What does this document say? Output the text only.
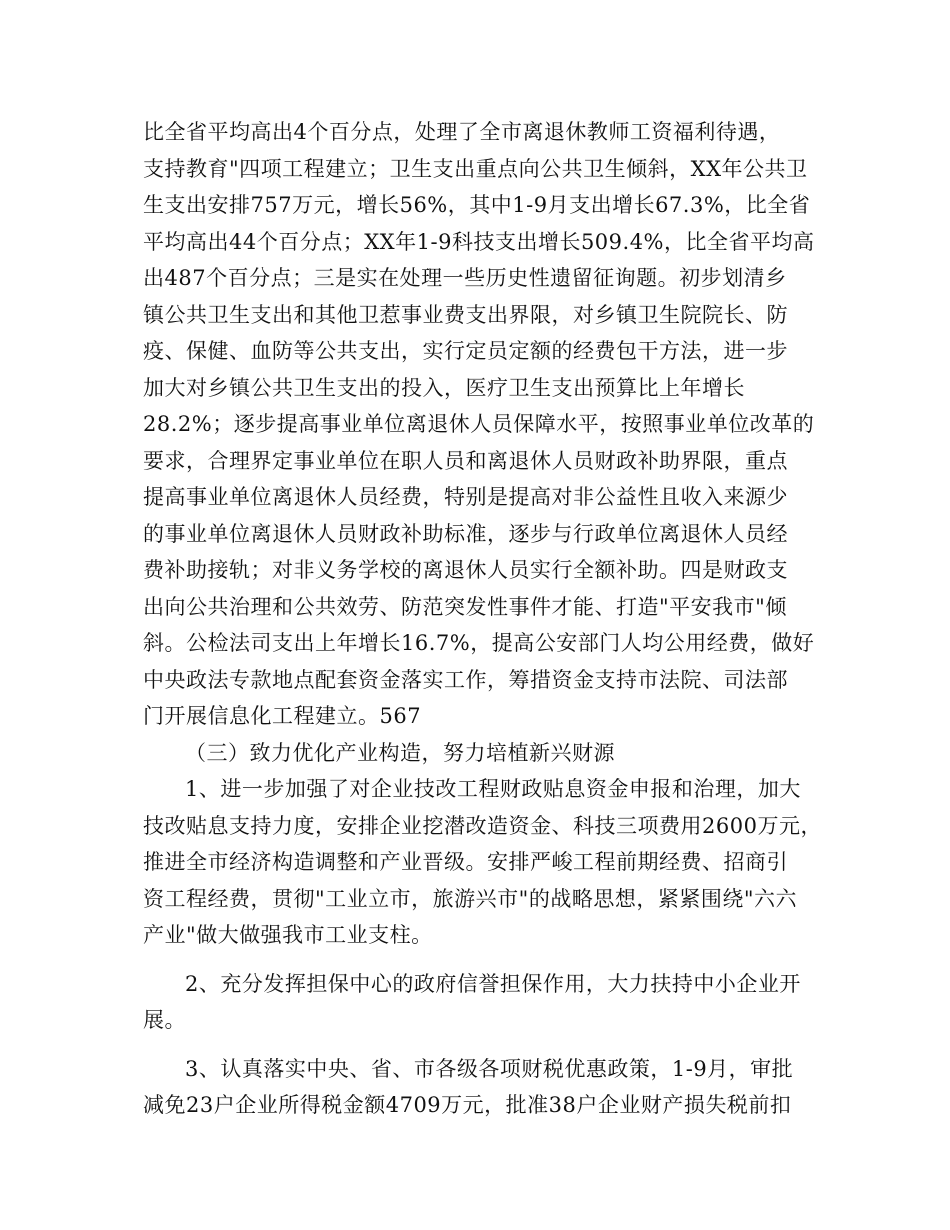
比全省平均高出4个百分点，处理了全市离退休教师工资福利待遇，
支持教育"四项工程建立；卫生支出重点向公共卫生倾斜，XX年公共卫
生支出安排757万元，增长56%，其中1-9月支出增长67.3%，比全省
平均高出44个百分点；XX年1-9科技支出增长509.4%，比全省平均高
出487个百分点；三是实在处理一些历史性遗留征询题。初步划清乡
镇公共卫生支出和其他卫惹事业费支出界限，对乡镇卫生院院长、防
疫、保健、血防等公共支出，实行定员定额的经费包干方法，进一步
加大对乡镇公共卫生支出的投入，医疗卫生支出预算比上年增长
28.2%；逐步提高事业单位离退休人员保障水平，按照事业单位改革的
要求，合理界定事业单位在职人员和离退休人员财政补助界限，重点
提高事业单位离退休人员经费，特别是提高对非公益性且收入来源少
的事业单位离退休人员财政补助标准，逐步与行政单位离退休人员经
费补助接轨；对非义务学校的离退休人员实行全额补助。四是财政支
出向公共治理和公共效劳、防范突发性事件才能、打造"平安我市"倾
斜。公检法司支出上年增长16.7%，提高公安部门人均公用经费，做好
中央政法专款地点配套资金落实工作，筹措资金支持市法院、司法部
门开展信息化工程建立。567
（三）致力优化产业构造，努力培植新兴财源
1、进一步加强了对企业技改工程财政贴息资金申报和治理，加大
技改贴息支持力度，安排企业挖潜改造资金、科技三项费用2600万元，
推进全市经济构造调整和产业晋级。安排严峻工程前期经费、招商引
资工程经费，贯彻"工业立市，旅游兴市"的战略思想，紧紧围绕"六六
产业"做大做强我市工业支柱。
2、充分发挥担保中心的政府信誉担保作用，大力扶持中小企业开
展。
3、认真落实中央、省、市各级各项财税优惠政策，1-9月，审批
减免23户企业所得税金额4709万元，批准38户企业财产损失税前扣
